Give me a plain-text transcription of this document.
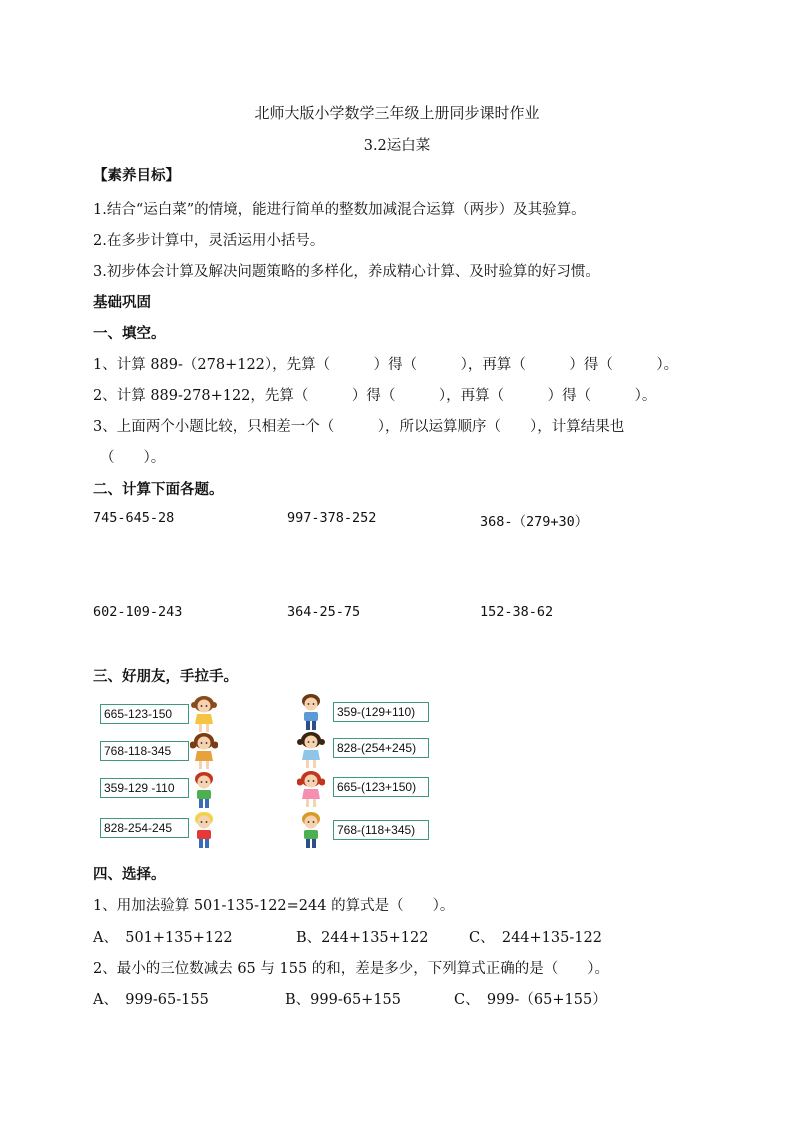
北师大版小学数学三年级上册同步课时作业
3.2运白菜
【素养目标】
1.结合“运白菜”的情境，能进行简单的整数加减混合运算（两步）及其验算。
2.在多步计算中，灵活运用小括号。
3.初步体会计算及解决问题策略的多样化，养成精心计算、及时验算的好习惯。
基础巩固
一、填空。
1、计算 889-（278+122），先算（　　　）得（　　　），再算（　　　）得（　　　）。
2、计算 889-278+122，先算（　　　）得（　　　），再算（　　　）得（　　　）。
3、上面两个小题比较，只相差一个（　　　），所以运算顺序（　　），计算结果也
（　　）。
二、计算下面各题。
745-645-28	997-378-252	368-（279+30）
602-109-243	364-25-75	152-38-62
三、好朋友，手拉手。
665-123-150
768-118-345
359-129 -110
828-254-245
359-(129+110)
828-(254+245)
665-(123+150)
768-(118+345)
四、选择。
1、用加法验算 501-135-122=244 的算式是（　　）。
A、　501+135+122	B、244+135+122	C、　244+135-122
2、最小的三位数减去 65 与 155 的和，差是多少，下列算式正确的是（　　）。
A、　999-65-155	B、999-65+155	C、　999-（65+155）
